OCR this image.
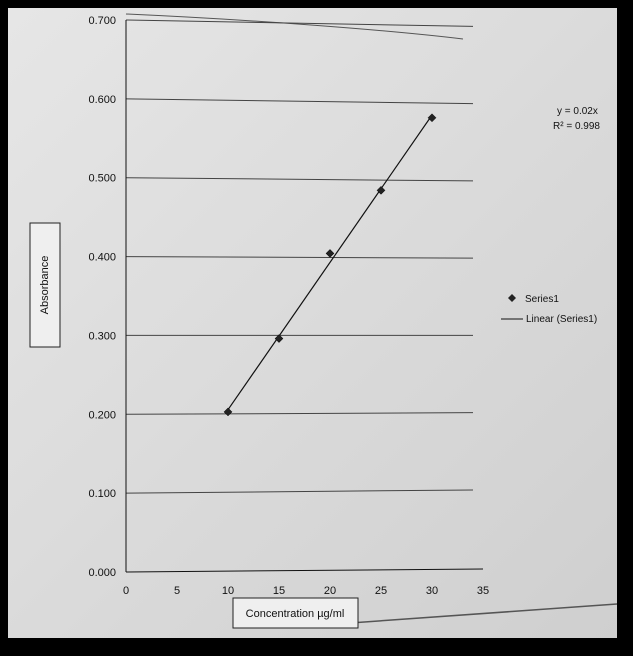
0.000
0.100
0.200
0.300
0.400
0.500
0.600
0.700
0	5	10	15	20	25	30	35
Absorbance
Concentration µg/ml
y = 0.02x
R² = 0.998
Series1
Linear (Series1)
